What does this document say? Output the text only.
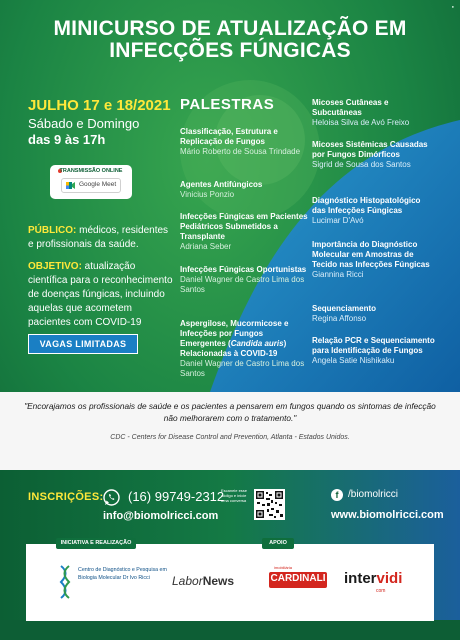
●
MINICURSO DE ATUALIZAÇÃO EM
INFECÇÕES FÚNGICAS
JULHO 17 e 18/2021
Sábado e Domingo
das 9 às 17h
TRANSMISSÃO ONLINE
Google Meet
PÚBLICO: médicos, residentes e profissionais da saúde.
OBJETIVO: atualização científica para o reconhecimento de doenças fúngicas, incluindo aquelas que acometem pacientes com COVID-19
VAGAS LIMITADAS
PALESTRAS
Classificação, Estrutura e Replicação de Fungos
Mário Roberto de Sousa Trindade
Agentes Antifúngicos
Vinicius Ponzio
Infecções Fúngicas em Pacientes Pediátricos Submetidos a Transplante
Adriana Seber
Infecções Fúngicas Oportunistas
Daniel Wagner de Castro Lima dos Santos
Aspergilose, Mucormicose e Infecções por Fungos Emergentes (Candida auris) Relacionadas à COVID-19
Daniel Wagner de Castro Lima dos Santos
Micoses Cutâneas e Subcutâneas
Heloisa Silva de Avó Freixo
Micoses Sistêmicas Causadas por Fungos Dimórficos
Sigrid de Sousa dos Santos
Diagnóstico Histopatológico das Infecções Fúngicas
Lucimar D'Avó
Importância do Diagnóstico Molecular em Amostras de Tecido nas Infecções Fúngicas
Giannina Ricci
Sequenciamento
Regina Affonso
Relação PCR e Sequenciamento para Identificação de Fungos
Angela Satie Nishikaku
"Encorajamos os profissionais de saúde e os pacientes a pensarem em fungos quando os sintomas de infecção não melhorarem com o tratamento."
CDC - Centers for Disease Control and Prevention, Atlanta - Estados Unidos.
INSCRIÇÕES: (16) 99749-2312
info@biomolricci.com
Escaneie esse código e inicie uma conversa
f /biomolricci
www.biomolricci.com
INICIATIVA E REALIZAÇÃO	APOIO
Centro de Diagnóstico e Pesquisa em Biologia Molecular Dr Ivo Ricci	LaborNews
imobiliária
CARDINALI intervidi
com
